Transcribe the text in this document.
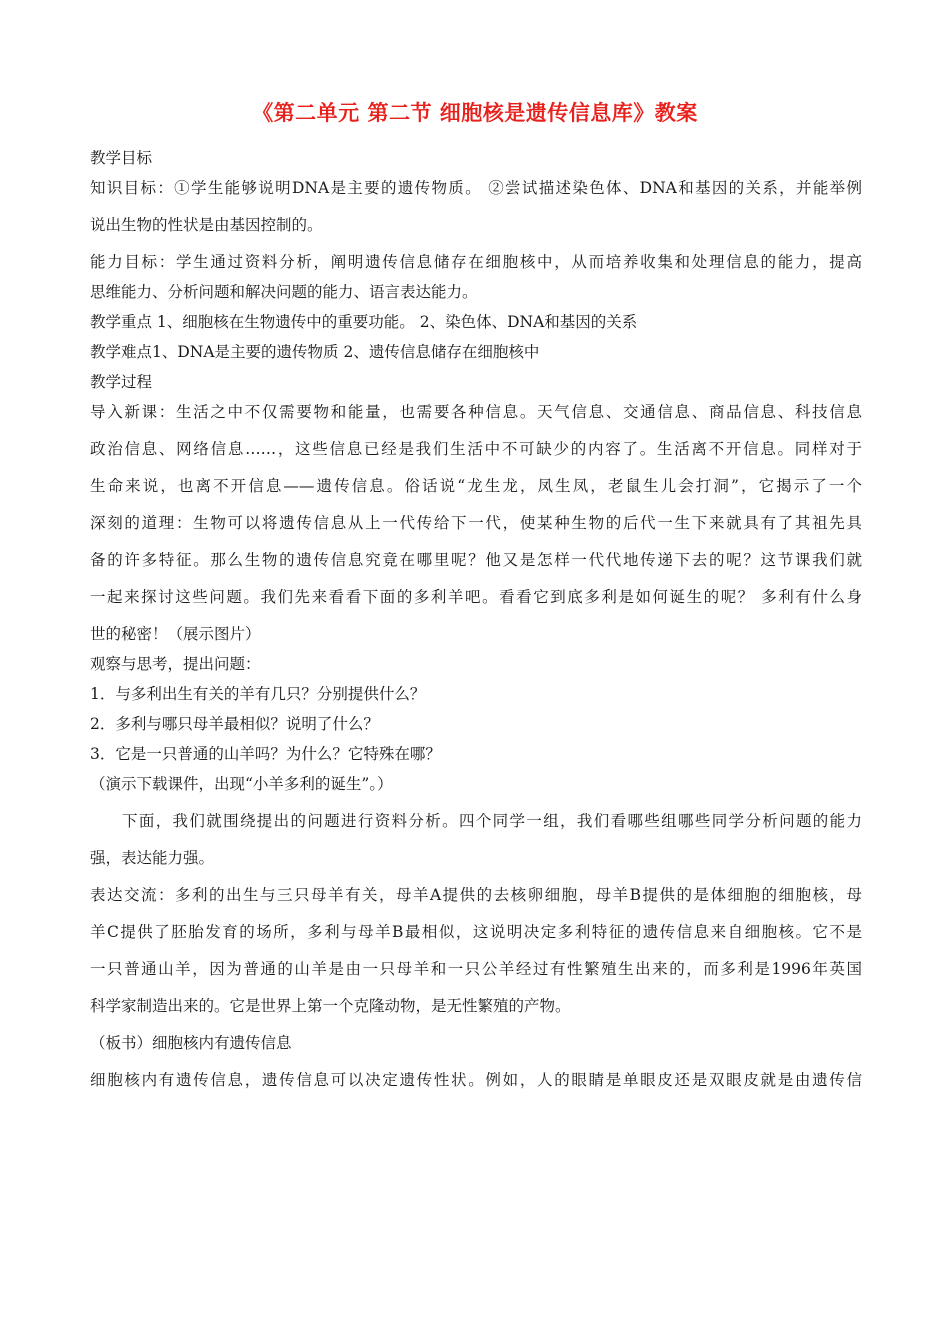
《第二单元 第二节 细胞核是遗传信息库》教案

教学目标

知识目标：①学生能够说明DNA是主要的遗传物质。 ②尝试描述染色体、DNA和基因的关系，并能举例

说出生物的性状是由基因控制的。

能力目标：学生通过资料分析，阐明遗传信息储存在细胞核中，从而培养收集和处理信息的能力，提高

思维能力、分析问题和解决问题的能力、语言表达能力。

教学重点 1、细胞核在生物遗传中的重要功能。 2、染色体、DNA和基因的关系

教学难点1、DNA是主要的遗传物质 2、遗传信息储存在细胞核中

教学过程

导入新课：生活之中不仅需要物和能量，也需要各种信息。天气信息、交通信息、商品信息、科技信息

政治信息、网络信息……，这些信息已经是我们生活中不可缺少的内容了。生活离不开信息。同样对于

生命来说，也离不开信息——遗传信息。俗话说“龙生龙，凤生凤，老鼠生儿会打洞”，它揭示了一个

深刻的道理：生物可以将遗传信息从上一代传给下一代，使某种生物的后代一生下来就具有了其祖先具

备的许多特征。那么生物的遗传信息究竟在哪里呢？他又是怎样一代代地传递下去的呢？这节课我们就

一起来探讨这些问题。我们先来看看下面的多利羊吧。看看它到底多利是如何诞生的呢？ 多利有什么身

世的秘密！（展示图片）

观察与思考，提出问题：

1．与多利出生有关的羊有几只？分别提供什么？

2．多利与哪只母羊最相似？说明了什么？

3．它是一只普通的山羊吗？为什么？它特殊在哪？

（演示下载课件，出现“小羊多利的诞生”。）

下面，我们就围绕提出的问题进行资料分析。四个同学一组，我们看哪些组哪些同学分析问题的能力

强，表达能力强。

表达交流：多利的出生与三只母羊有关，母羊A提供的去核卵细胞，母羊B提供的是体细胞的细胞核，母

羊C提供了胚胎发育的场所，多利与母羊B最相似，这说明决定多利特征的遗传信息来自细胞核。它不是

一只普通山羊，因为普通的山羊是由一只母羊和一只公羊经过有性繁殖生出来的，而多利是1996年英国

科学家制造出来的。它是世界上第一个克隆动物，是无性繁殖的产物。

（板书）细胞核内有遗传信息

细胞核内有遗传信息，遗传信息可以决定遗传性状。例如，人的眼睛是单眼皮还是双眼皮就是由遗传信
